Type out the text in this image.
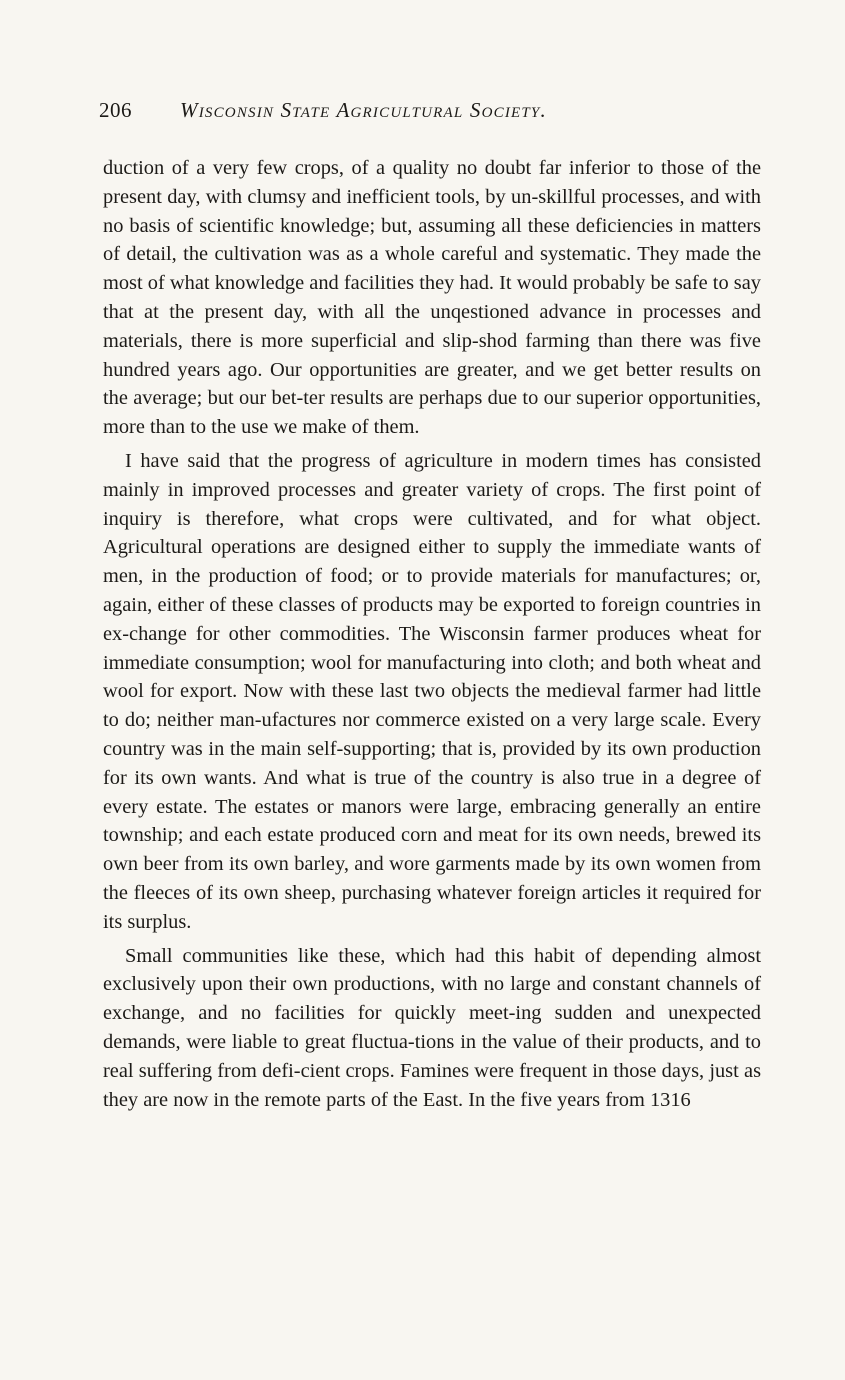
206 Wisconsin State Agricultural Society.

duction of a very few crops, of a quality no doubt far inferior to those of the present day, with clumsy and inefficient tools, by un-skillful processes, and with no basis of scientific knowledge; but, assuming all these deficiencies in matters of detail, the cultivation was as a whole careful and systematic. They made the most of what knowledge and facilities they had. It would probably be safe to say that at the present day, with all the unqestioned advance in processes and materials, there is more superficial and slip-shod farming than there was five hundred years ago. Our opportunities are greater, and we get better results on the average; but our bet-ter results are perhaps due to our superior opportunities, more than to the use we make of them.

I have said that the progress of agriculture in modern times has consisted mainly in improved processes and greater variety of crops. The first point of inquiry is therefore, what crops were cultivated, and for what object. Agricultural operations are designed either to supply the immediate wants of men, in the production of food; or to provide materials for manufactures; or, again, either of these classes of products may be exported to foreign countries in ex-change for other commodities. The Wisconsin farmer produces wheat for immediate consumption; wool for manufacturing into cloth; and both wheat and wool for export. Now with these last two objects the medieval farmer had little to do; neither man-ufactures nor commerce existed on a very large scale. Every country was in the main self-supporting; that is, provided by its own production for its own wants. And what is true of the country is also true in a degree of every estate. The estates or manors were large, embracing generally an entire township; and each estate produced corn and meat for its own needs, brewed its own beer from its own barley, and wore garments made by its own women from the fleeces of its own sheep, purchasing whatever foreign articles it required for its surplus.

Small communities like these, which had this habit of depending almost exclusively upon their own productions, with no large and constant channels of exchange, and no facilities for quickly meet-ing sudden and unexpected demands, were liable to great fluctua-tions in the value of their products, and to real suffering from defi-cient crops. Famines were frequent in those days, just as they are now in the remote parts of the East. In the five years from 1316
